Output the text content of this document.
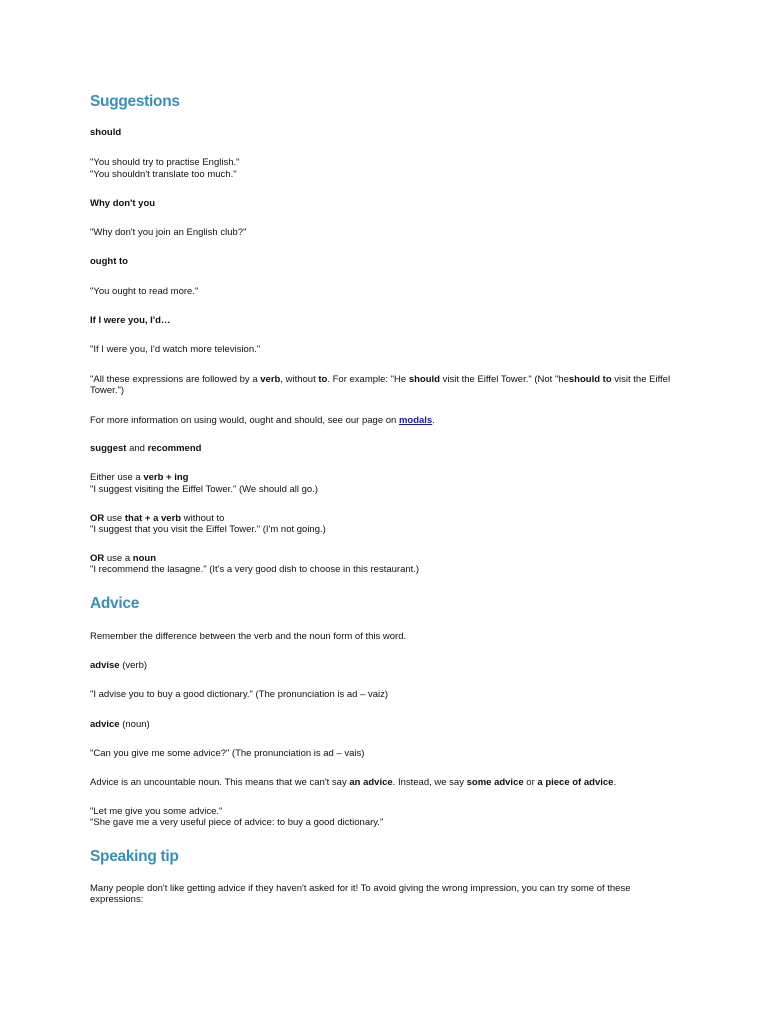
Suggestions

should

"You should try to practise English."

"You shouldn't translate too much."

Why don't you

"Why don't you join an English club?"

ought to

"You ought to read more."

If I were you, I'd…

"If I were you, I'd watch more television."

"All these expressions are followed by a verb, without to. For example: "He should visit the Eiffel Tower." (Not "heshould to visit the Eiffel Tower.")

For more information on using would, ought and should, see our page on modals.

suggest and recommend

Either use a verb + ing

"I suggest visiting the Eiffel Tower." (We should all go.)

OR use that + a verb without to

"I suggest that you visit the Eiffel Tower." (I'm not going.)

OR use a noun

"I recommend the lasagne." (It's a very good dish to choose in this restaurant.)

Advice

Remember the difference between the verb and the noun form of this word.

advise (verb)

"I advise you to buy a good dictionary." (The pronunciation is ad – vaiz)

advice (noun)

"Can you give me some advice?" (The pronunciation is ad – vais)

Advice is an uncountable noun. This means that we can't say an advice. Instead, we say some advice or a piece of advice.

"Let me give you some advice."

"She gave me a very useful piece of advice: to buy a good dictionary."

Speaking tip

Many people don't like getting advice if they haven't asked for it! To avoid giving the wrong impression, you can try some of these expressions:
